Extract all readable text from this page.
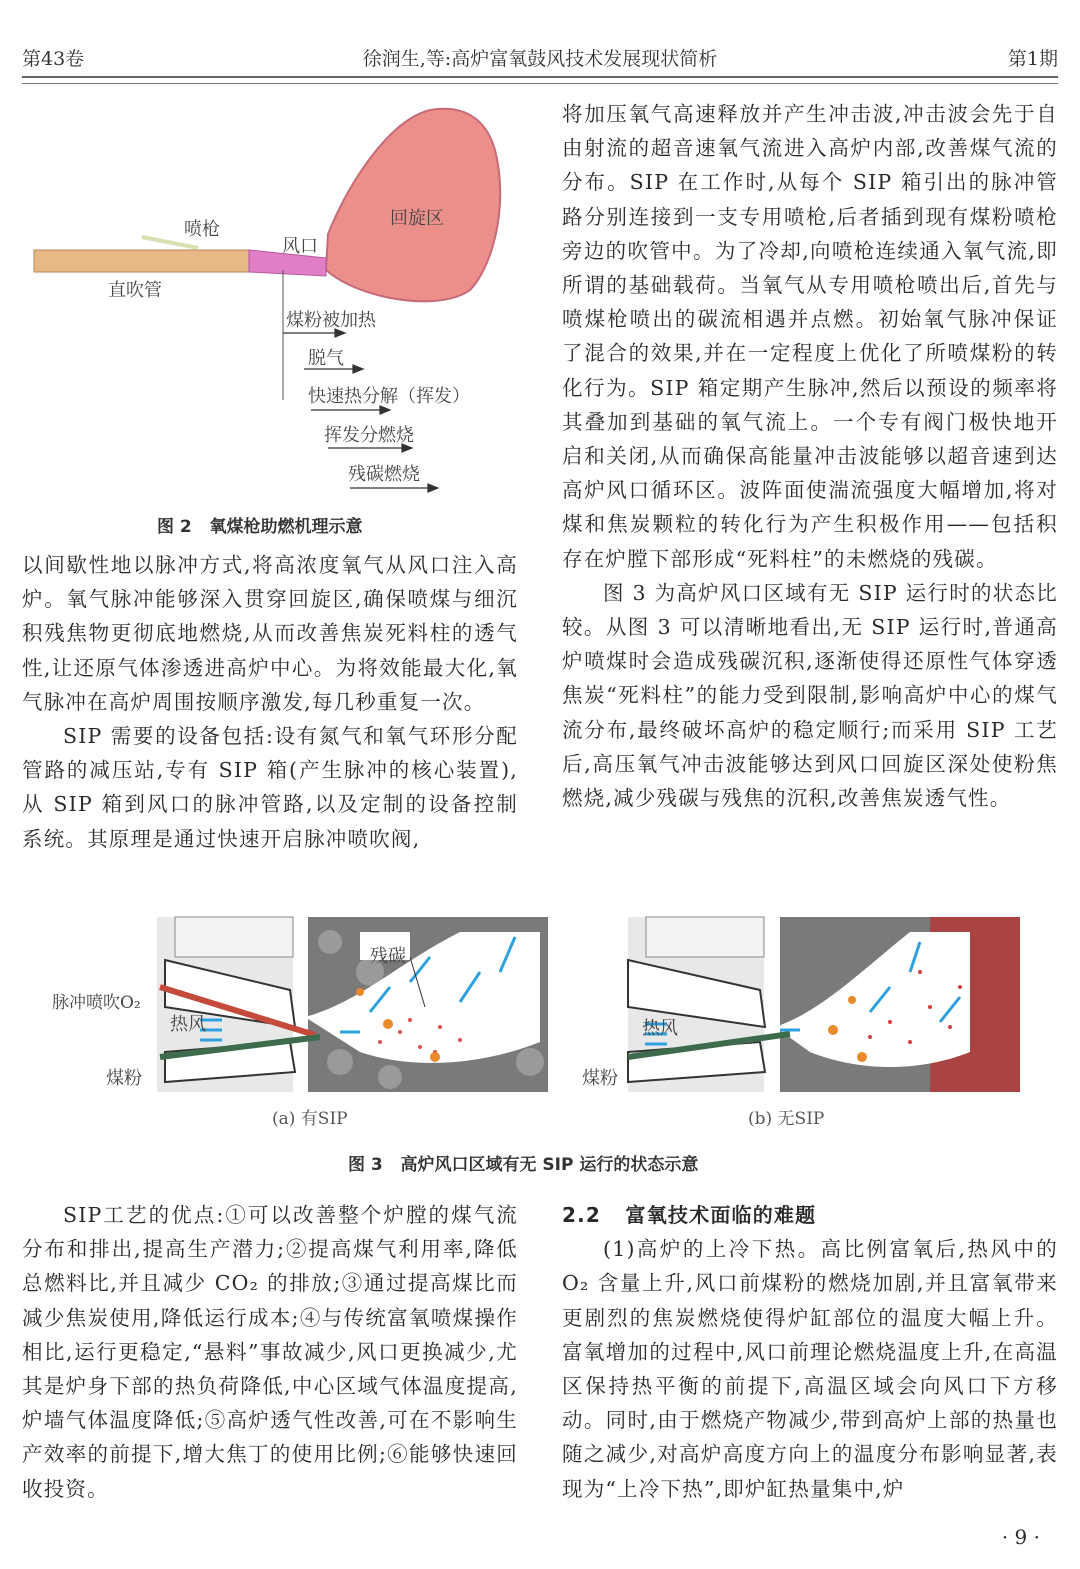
第43卷	徐润生,等:高炉富氧鼓风技术发展现状简析	第1期
喷枪
风口
回旋区
直吹管
煤粉被加热
脱气
快速热分解（挥发）
挥发分燃烧
残碳燃烧
图 2 氧煤枪助燃机理示意

以间歇性地以脉冲方式,将高浓度氧气从风口注入高炉。氧气脉冲能够深入贯穿回旋区,确保喷煤与细沉积残焦物更彻底地燃烧,从而改善焦炭死料柱的透气性,让还原气体渗透进高炉中心。为将效能最大化,氧气脉冲在高炉周围按顺序激发,每几秒重复一次。

SIP 需要的设备包括:设有氮气和氧气环形分配管路的减压站,专有 SIP 箱(产生脉冲的核心装置),从 SIP 箱到风口的脉冲管路,以及定制的设备控制系统。其原理是通过快速开启脉冲喷吹阀,

将加压氧气高速释放并产生冲击波,冲击波会先于自由射流的超音速氧气流进入高炉内部,改善煤气流的分布。SIP 在工作时,从每个 SIP 箱引出的脉冲管路分别连接到一支专用喷枪,后者插到现有煤粉喷枪旁边的吹管中。为了冷却,向喷枪连续通入氧气流,即所谓的基础载荷。当氧气从专用喷枪喷出后,首先与喷煤枪喷出的碳流相遇并点燃。初始氧气脉冲保证了混合的效果,并在一定程度上优化了所喷煤粉的转化行为。SIP 箱定期产生脉冲,然后以预设的频率将其叠加到基础的氧气流上。一个专有阀门极快地开启和关闭,从而确保高能量冲击波能够以超音速到达高炉风口循环区。波阵面使湍流强度大幅增加,将对煤和焦炭颗粒的转化行为产生积极作用——包括积存在炉膛下部形成“死料柱”的未燃烧的残碳。

图 3 为高炉风口区域有无 SIP 运行时的状态比较。从图 3 可以清晰地看出,无 SIP 运行时,普通高炉喷煤时会造成残碳沉积,逐渐使得还原性气体穿透焦炭“死料柱”的能力受到限制,影响高炉中心的煤气流分布,最终破坏高炉的稳定顺行;而采用 SIP 工艺后,高压氧气冲击波能够达到风口回旋区深处使粉焦燃烧,减少残碳与残焦的沉积,改善焦炭透气性。

脉冲喷吹O₂
热风
煤粉
残碳
(a) 有SIP
热风
煤粉
(b) 无SIP
图 3 高炉风口区域有无 SIP 运行的状态示意

SIP工艺的优点:①可以改善整个炉膛的煤气流分布和排出,提高生产潜力;②提高煤气利用率,降低总燃料比,并且减少 CO₂ 的排放;③通过提高煤比而减少焦炭使用,降低运行成本;④与传统富氧喷煤操作相比,运行更稳定,“悬料”事故减少,风口更换减少,尤其是炉身下部的热负荷降低,中心区域气体温度提高,炉墙气体温度降低;⑤高炉透气性改善,可在不影响生产效率的前提下,增大焦丁的使用比例;⑥能够快速回收投资。

2.2 富氧技术面临的难题

(1)高炉的上冷下热。高比例富氧后,热风中的 O₂ 含量上升,风口前煤粉的燃烧加剧,并且富氧带来更剧烈的焦炭燃烧使得炉缸部位的温度大幅上升。富氧增加的过程中,风口前理论燃烧温度上升,在高温区保持热平衡的前提下,高温区域会向风口下方移动。同时,由于燃烧产物减少,带到高炉上部的热量也随之减少,对高炉高度方向上的温度分布影响显著,表现为“上冷下热”,即炉缸热量集中,炉

· 9 ·
